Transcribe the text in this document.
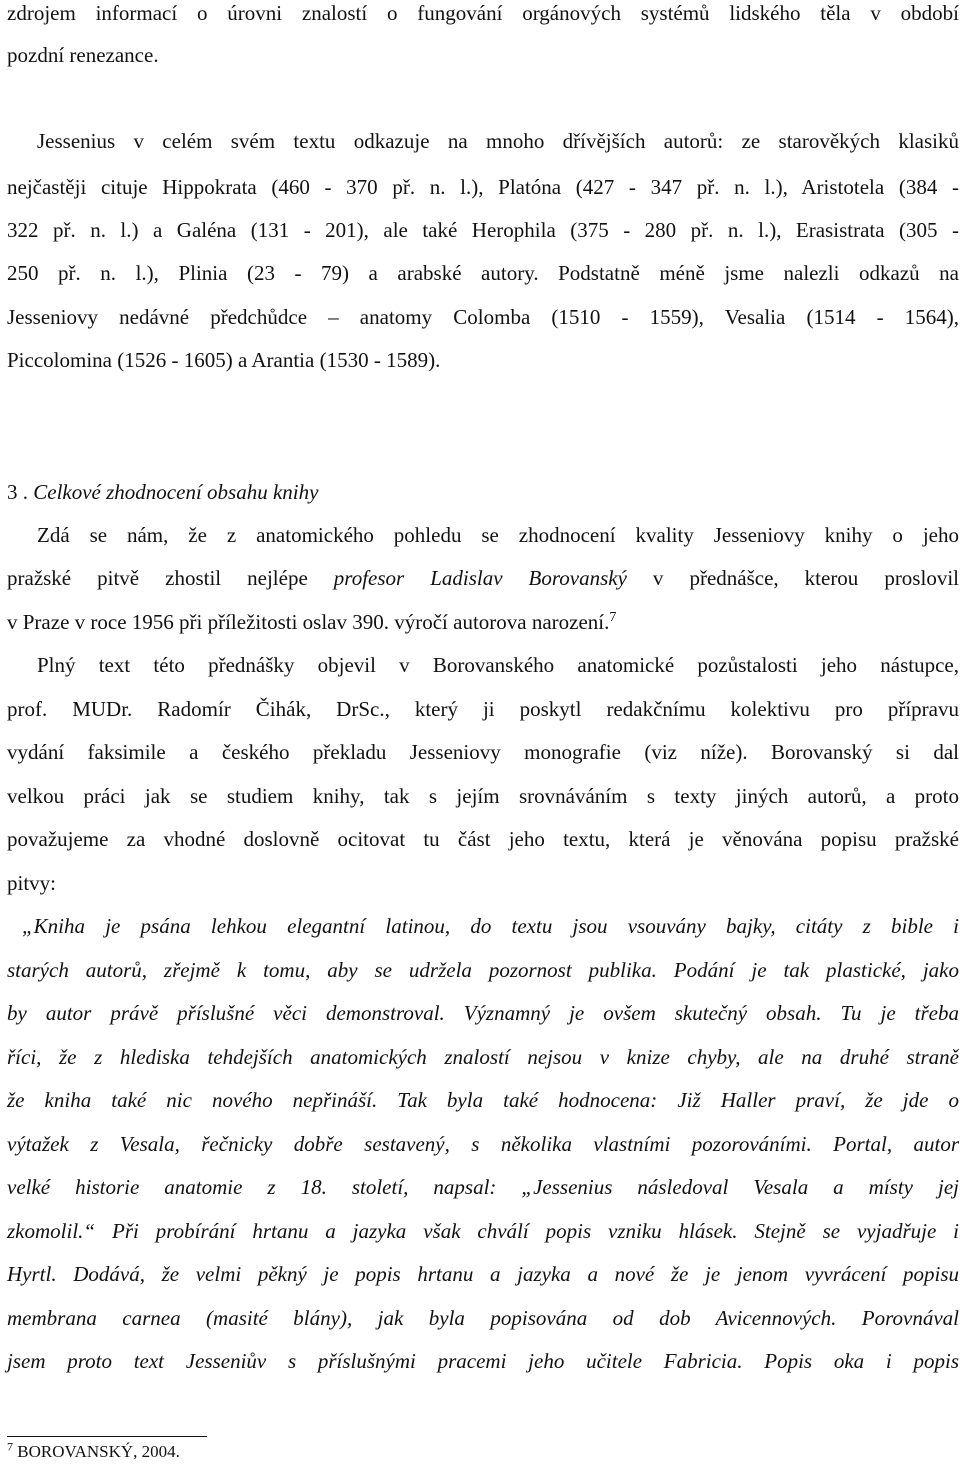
zdrojem informací o úrovni znalostí o fungování orgánových systémů lidského těla v období
pozdní renezance.
Jessenius v celém svém textu odkazuje na mnoho dřívějších autorů: ze starověkých klasiků
nejčastěji cituje Hippokrata (460 - 370 př. n. l.), Platóna (427 - 347 př. n. l.), Aristotela (384 -
322 př. n. l.) a Galéna (131 - 201), ale také Herophila (375 - 280 př. n. l.), Erasistrata (305 -
250 př. n. l.), Plinia (23 - 79) a arabské autory. Podstatně méně jsme nalezli odkazů na
Jesseniovy nedávné předchůdce – anatomy Colomba (1510 - 1559), Vesalia (1514 - 1564),
Piccolomina (1526 - 1605) a Arantia (1530 - 1589).
3 . Celkové zhodnocení obsahu knihy
Zdá se nám, že z anatomického pohledu se zhodnocení kvality Jesseniovy knihy o jeho
pražské pitvě zhostil nejlépe profesor Ladislav Borovanský v přednášce, kterou proslovil
v Praze v roce 1956 při příležitosti oslav 390. výročí autorova narození.$^7$
Plný text této přednášky objevil v Borovanského anatomické pozůstalosti jeho nástupce,
prof. MUDr. Radomír Čihák, DrSc., který ji poskytl redakčnímu kolektivu pro přípravu
vydání faksimile a českého překladu Jesseniovy monografie (viz níže). Borovanský si dal
velkou práci jak se studiem knihy, tak s jejím srovnáváním s texty jiných autorů, a proto
považujeme za vhodné doslovně ocitovat tu část jeho textu, která je věnována popisu pražské
pitvy:
„Kniha je psána lehkou elegantní latinou, do textu jsou vsouvány bajky, citáty z bible i
starých autorů, zřejmě k tomu, aby se udržela pozornost publika. Podání je tak plastické, jako
by autor právě příslušné věci demonstroval. Významný je ovšem skutečný obsah. Tu je třeba
říci, že z hlediska tehdejších anatomických znalostí nejsou v knize chyby, ale na druhé straně
že kniha také nic nového nepřináší. Tak byla také hodnocena: Již Haller praví, že jde o
výtažek z Vesala, řečnicky dobře sestavený, s několika vlastními pozorováními. Portal, autor
velké historie anatomie z 18. století, napsal: „Jessenius následoval Vesala a místy jej
zkomolil.“ Při probírání hrtanu a jazyka však chválí popis vzniku hlásek. Stejně se vyjadřuje i
Hyrtl. Dodává, že velmi pěkný je popis hrtanu a jazyka a nové že je jenom vyvrácení popisu
membrana carnea (masité blány), jak byla popisována od dob Avicennových. Porovnával
jsem proto text Jesseniův s příslušnými pracemi jeho učitele Fabricia. Popis oka i popis
$^7$ BOROVANSKÝ, 2004.
